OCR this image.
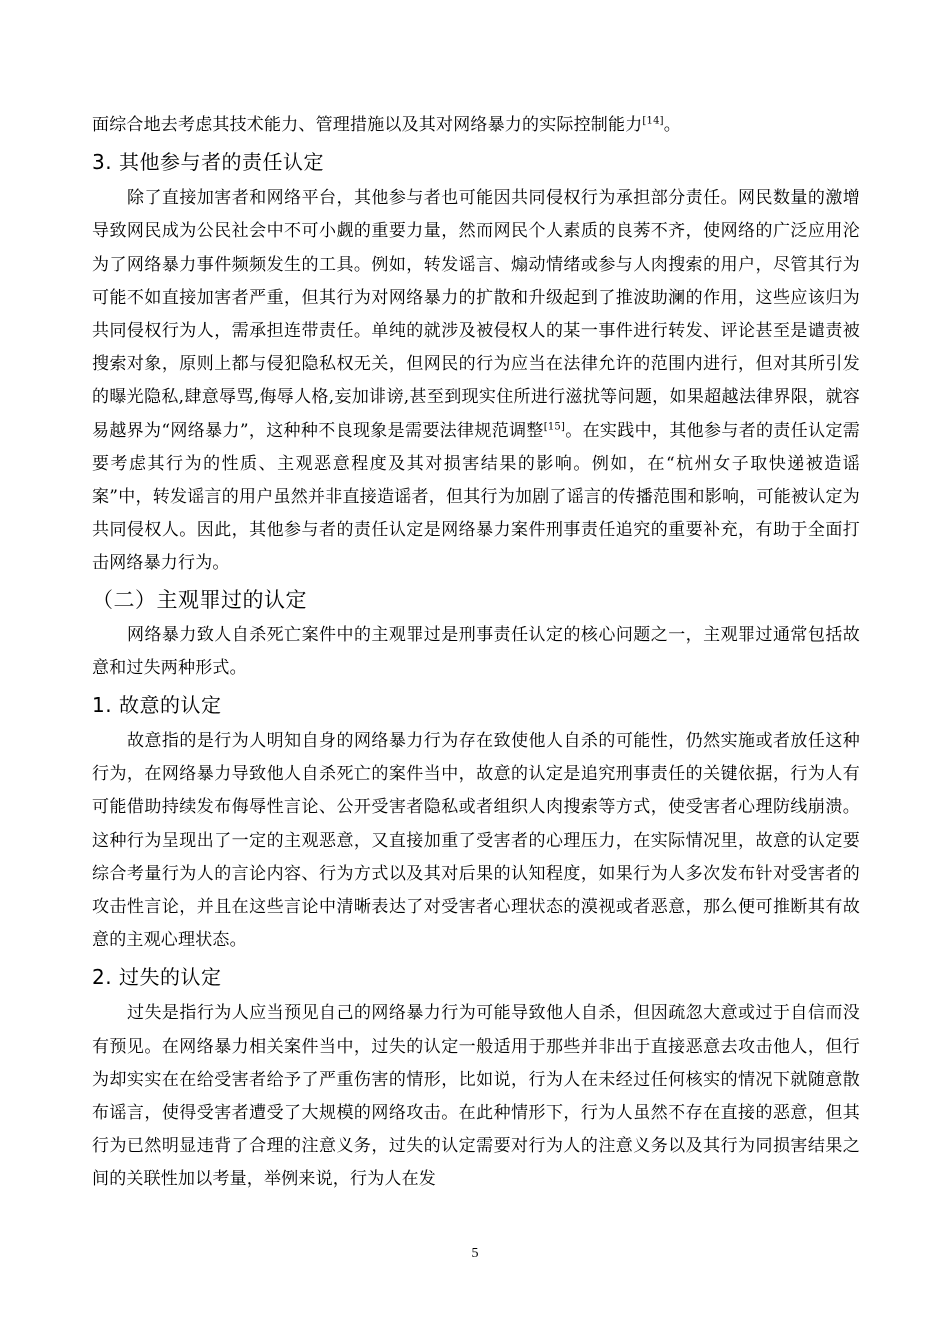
面综合地去考虑其技术能力、管理措施以及其对网络暴力的实际控制能力[14]。

3. 其他参与者的责任认定

除了直接加害者和网络平台，其他参与者也可能因共同侵权行为承担部分责任。网民数量的激增导致网民成为公民社会中不可小觑的重要力量，然而网民个人素质的良莠不齐，使网络的广泛应用沦为了网络暴力事件频频发生的工具。例如，转发谣言、煽动情绪或参与人肉搜索的用户，尽管其行为可能不如直接加害者严重，但其行为对网络暴力的扩散和升级起到了推波助澜的作用，这些应该归为共同侵权行为人，需承担连带责任。单纯的就涉及被侵权人的某一事件进行转发、评论甚至是谴责被搜索对象，原则上都与侵犯隐私权无关，但网民的行为应当在法律允许的范围内进行，但对其所引发的曝光隐私,肆意辱骂,侮辱人格,妄加诽谤,甚至到现实住所进行滋扰等问题，如果超越法律界限，就容易越界为“网络暴力”，这种种不良现象是需要法律规范调整[15]。在实践中，其他参与者的责任认定需要考虑其行为的性质、主观恶意程度及其对损害结果的影响。例如，在“杭州女子取快递被造谣案”中，转发谣言的用户虽然并非直接造谣者，但其行为加剧了谣言的传播范围和影响，可能被认定为共同侵权人。因此，其他参与者的责任认定是网络暴力案件刑事责任追究的重要补充，有助于全面打击网络暴力行为。

（二）主观罪过的认定

网络暴力致人自杀死亡案件中的主观罪过是刑事责任认定的核心问题之一，主观罪过通常包括故意和过失两种形式。

1. 故意的认定

故意指的是行为人明知自身的网络暴力行为存在致使他人自杀的可能性，仍然实施或者放任这种行为，在网络暴力导致他人自杀死亡的案件当中，故意的认定是追究刑事责任的关键依据，行为人有可能借助持续发布侮辱性言论、公开受害者隐私或者组织人肉搜索等方式，使受害者心理防线崩溃。这种行为呈现出了一定的主观恶意，又直接加重了受害者的心理压力，在实际情况里，故意的认定要综合考量行为人的言论内容、行为方式以及其对后果的认知程度，如果行为人多次发布针对受害者的攻击性言论，并且在这些言论中清晰表达了对受害者心理状态的漠视或者恶意，那么便可推断其有故意的主观心理状态。

2. 过失的认定

过失是指行为人应当预见自己的网络暴力行为可能导致他人自杀，但因疏忽大意或过于自信而没有预见。在网络暴力相关案件当中，过失的认定一般适用于那些并非出于直接恶意去攻击他人，但行为却实实在在给受害者给予了严重伤害的情形，比如说，行为人在未经过任何核实的情况下就随意散布谣言，使得受害者遭受了大规模的网络攻击。在此种情形下，行为人虽然不存在直接的恶意，但其行为已然明显违背了合理的注意义务，过失的认定需要对行为人的注意义务以及其行为同损害结果之间的关联性加以考量，举例来说，行为人在发

5
